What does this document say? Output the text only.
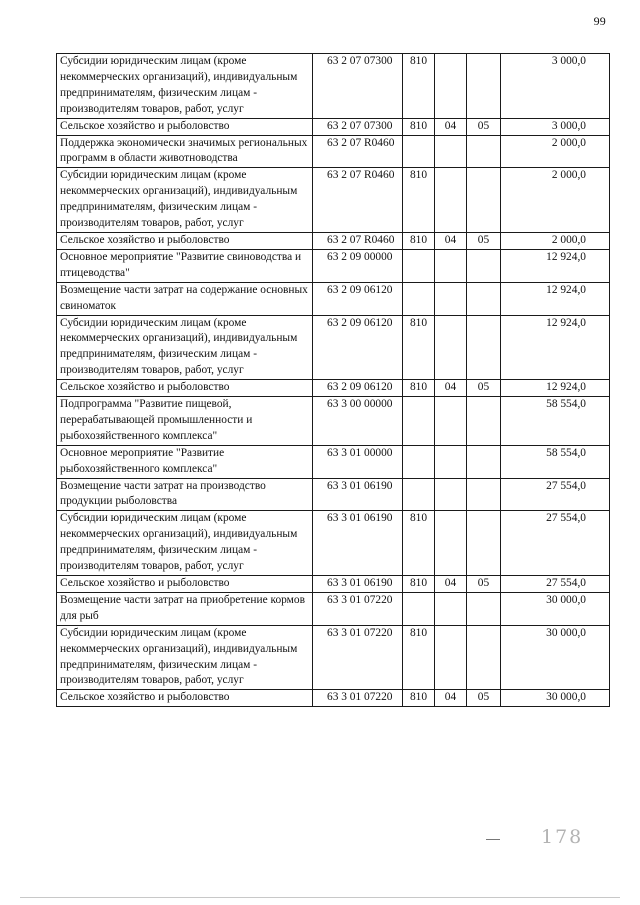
99
Субсидии юридическим лицам (кроме некоммерческих организаций), индивидуальным предпринимателям, физическим лицам - производителям товаров, работ, услуг	63 2 07 07300	810			3 000,0
Сельское хозяйство и рыболовство	63 2 07 07300	810	04	05	3 000,0
Поддержка экономически значимых региональных программ в области животноводства	63 2 07 R0460				2 000,0
Субсидии юридическим лицам (кроме некоммерческих организаций), индивидуальным предпринимателям, физическим лицам - производителям товаров, работ, услуг	63 2 07 R0460	810			2 000,0
Сельское хозяйство и рыболовство	63 2 07 R0460	810	04	05	2 000,0
Основное мероприятие "Развитие свиноводства и птицеводства"	63 2 09 00000				12 924,0
Возмещение части затрат на содержание основных свиноматок	63 2 09 06120				12 924,0
Субсидии юридическим лицам (кроме некоммерческих организаций), индивидуальным предпринимателям, физическим лицам - производителям товаров, работ, услуг	63 2 09 06120	810			12 924,0
Сельское хозяйство и рыболовство	63 2 09 06120	810	04	05	12 924,0
Подпрограмма "Развитие пищевой, перерабатывающей промышленности и рыбохозяйственного комплекса"	63 3 00 00000				58 554,0
Основное мероприятие "Развитие рыбохозяйственного комплекса"	63 3 01 00000				58 554,0
Возмещение части затрат на производство продукции рыболовства	63 3 01 06190				27 554,0
Субсидии юридическим лицам (кроме некоммерческих организаций), индивидуальным предпринимателям, физическим лицам - производителям товаров, работ, услуг	63 3 01 06190	810			27 554,0
Сельское хозяйство и рыболовство	63 3 01 06190	810	04	05	27 554,0
Возмещение части затрат на приобретение кормов для рыб	63 3 01 07220				30 000,0
Субсидии юридическим лицам (кроме некоммерческих организаций), индивидуальным предпринимателям, физическим лицам - производителям товаров, работ, услуг	63 3 01 07220	810			30 000,0
Сельское хозяйство и рыболовство	63 3 01 07220	810	04	05	30 000,0
178
